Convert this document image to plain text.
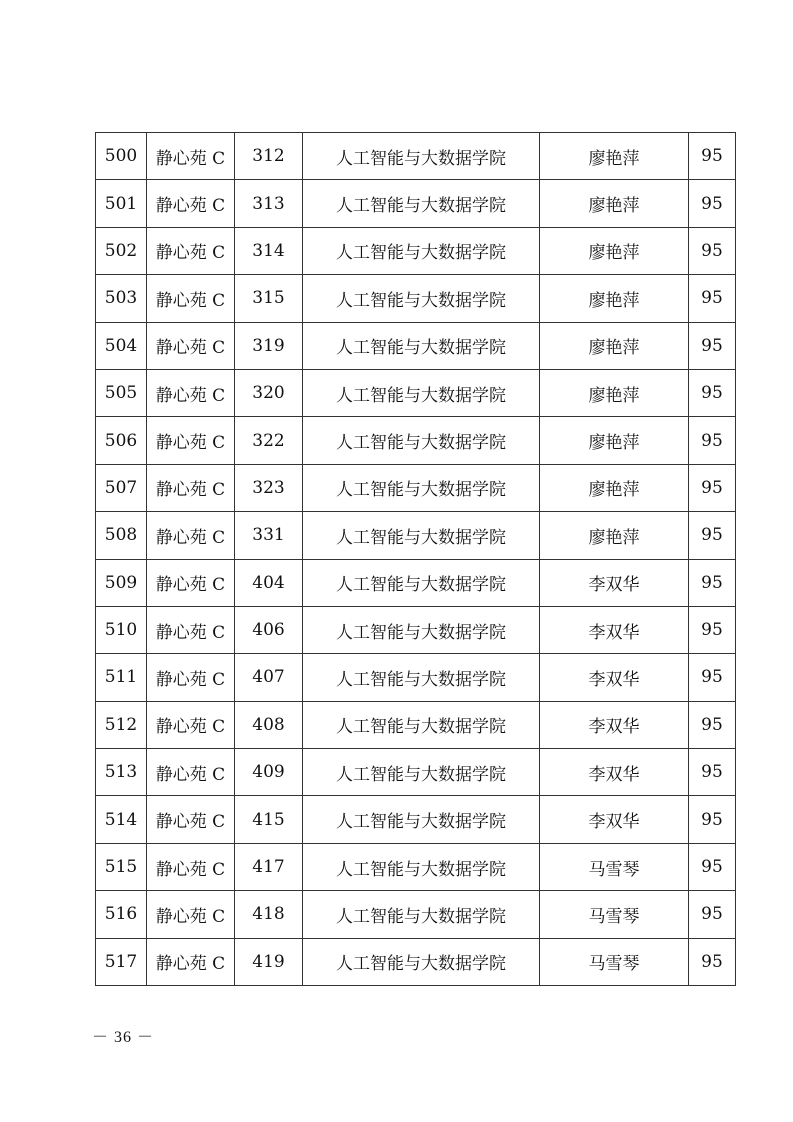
500	静心苑 C	312	人工智能与大数据学院	廖艳萍	95
501	静心苑 C	313	人工智能与大数据学院	廖艳萍	95
502	静心苑 C	314	人工智能与大数据学院	廖艳萍	95
503	静心苑 C	315	人工智能与大数据学院	廖艳萍	95
504	静心苑 C	319	人工智能与大数据学院	廖艳萍	95
505	静心苑 C	320	人工智能与大数据学院	廖艳萍	95
506	静心苑 C	322	人工智能与大数据学院	廖艳萍	95
507	静心苑 C	323	人工智能与大数据学院	廖艳萍	95
508	静心苑 C	331	人工智能与大数据学院	廖艳萍	95
509	静心苑 C	404	人工智能与大数据学院	李双华	95
510	静心苑 C	406	人工智能与大数据学院	李双华	95
511	静心苑 C	407	人工智能与大数据学院	李双华	95
512	静心苑 C	408	人工智能与大数据学院	李双华	95
513	静心苑 C	409	人工智能与大数据学院	李双华	95
514	静心苑 C	415	人工智能与大数据学院	李双华	95
515	静心苑 C	417	人工智能与大数据学院	马雪琴	95
516	静心苑 C	418	人工智能与大数据学院	马雪琴	95
517	静心苑 C	419	人工智能与大数据学院	马雪琴	95
－ 36 －
